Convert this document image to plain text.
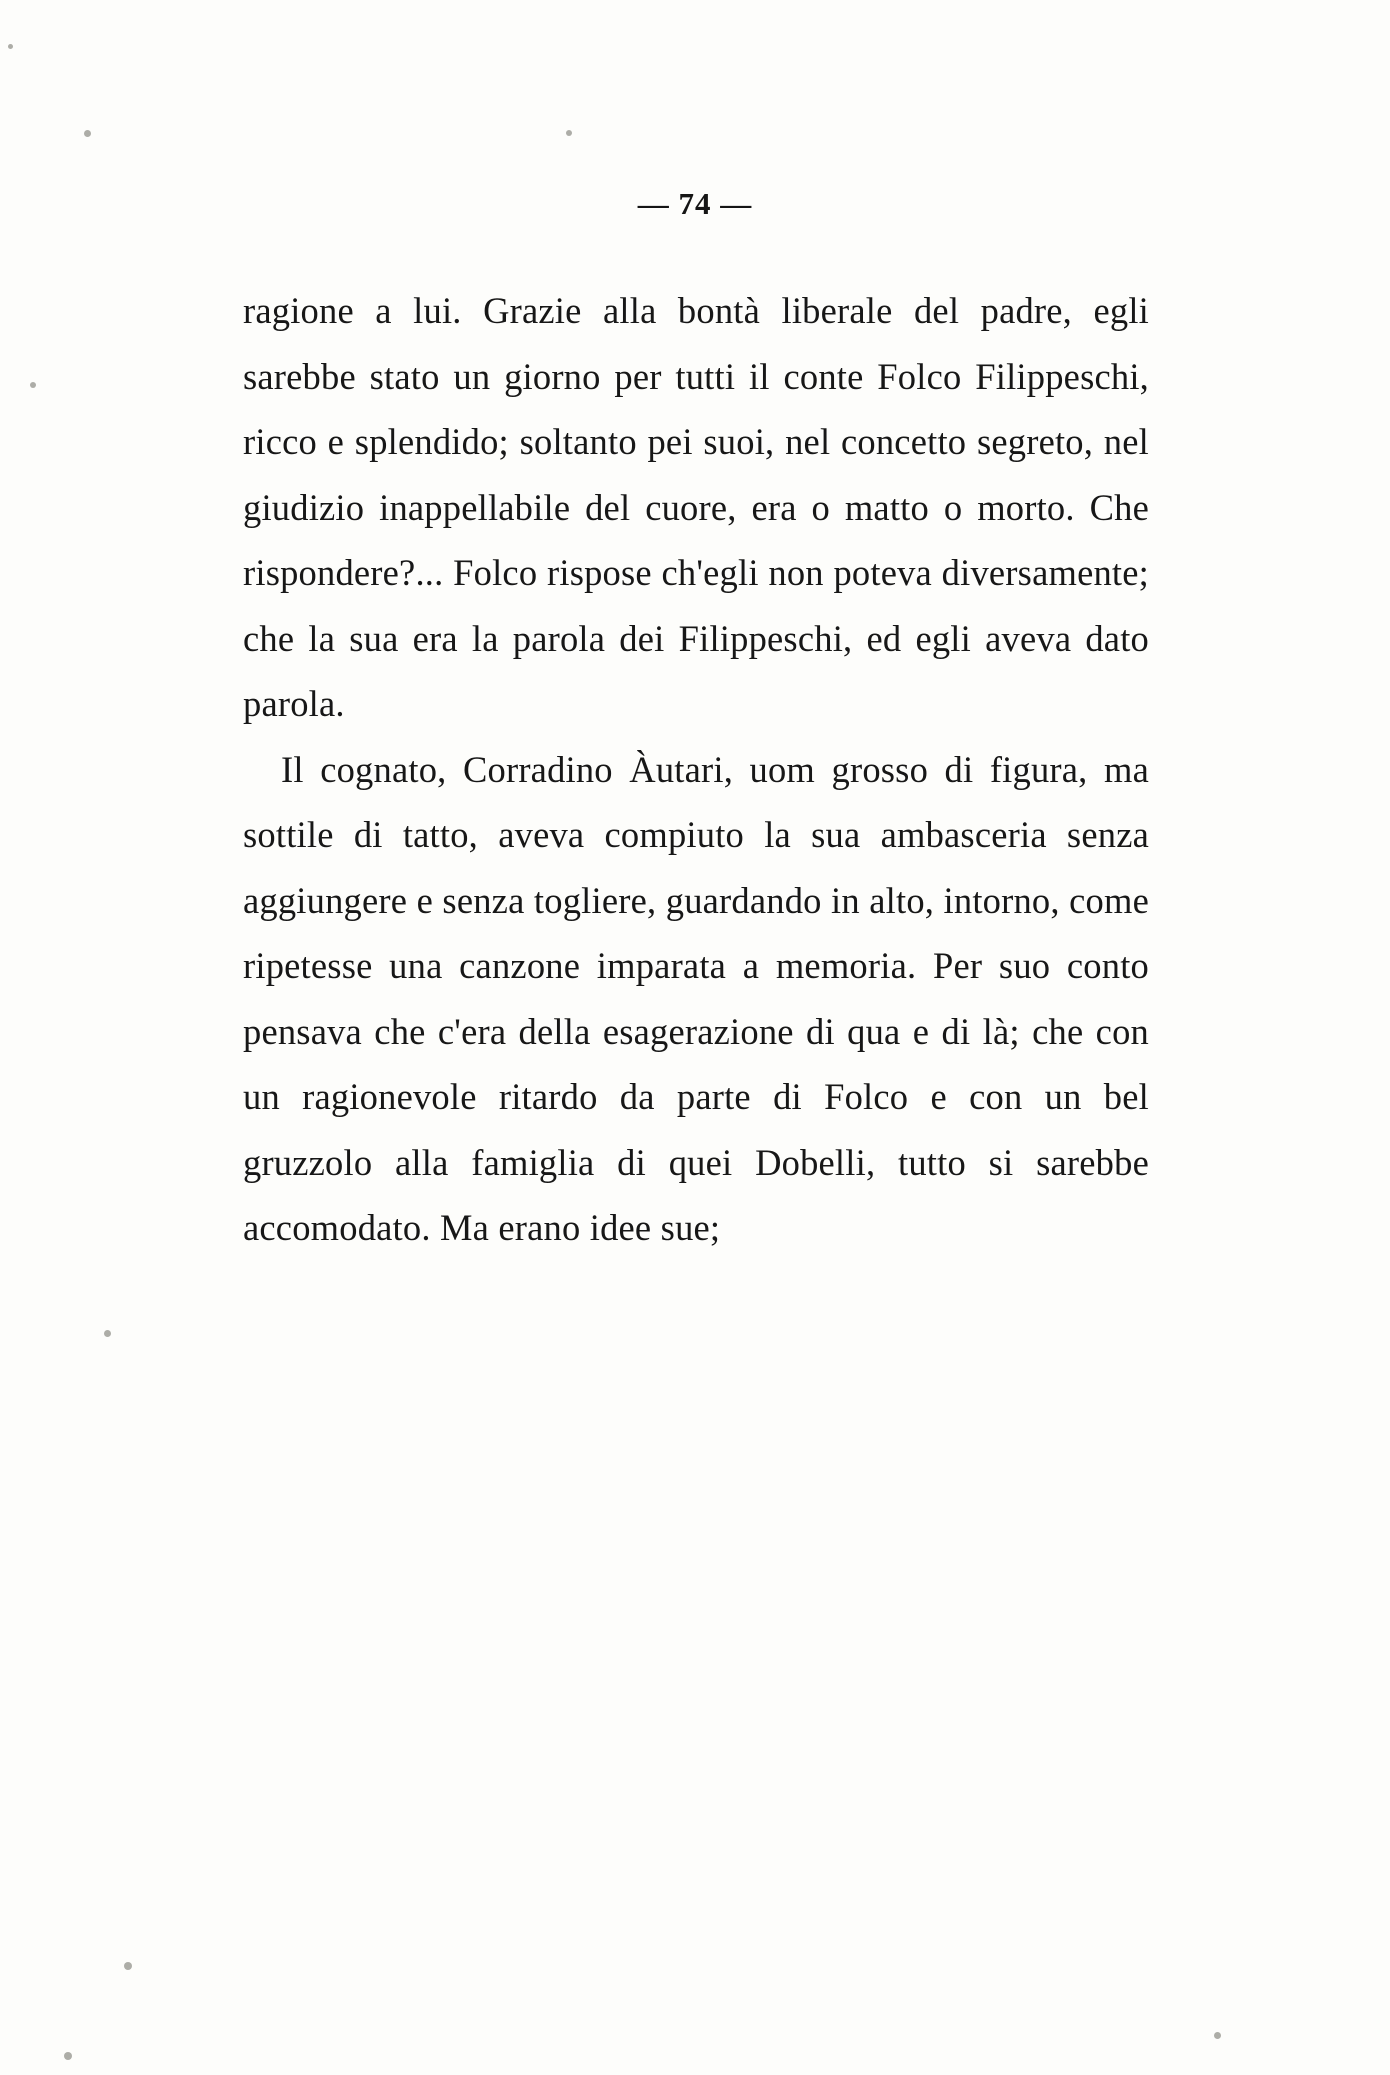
— 74 —

ragione a lui. Grazie alla bontà liberale del padre, egli sarebbe stato un giorno per tutti il conte Folco Filippeschi, ricco e splendido; soltanto pei suoi, nel concetto segreto, nel giudizio inappellabile del cuore, era o matto o morto. Che rispondere?... Folco rispose ch'egli non poteva diversamente; che la sua era la parola dei Filippeschi, ed egli aveva dato parola.

Il cognato, Corradino Àutari, uom grosso di figura, ma sottile di tatto, aveva compiuto la sua ambasceria senza aggiungere e senza togliere, guardando in alto, intorno, come ripetesse una canzone imparata a memoria. Per suo conto pensava che c'era della esagerazione di qua e di là; che con un ragionevole ritardo da parte di Folco e con un bel gruzzolo alla famiglia di quei Dobelli, tutto si sarebbe accomodato. Ma erano idee sue;
